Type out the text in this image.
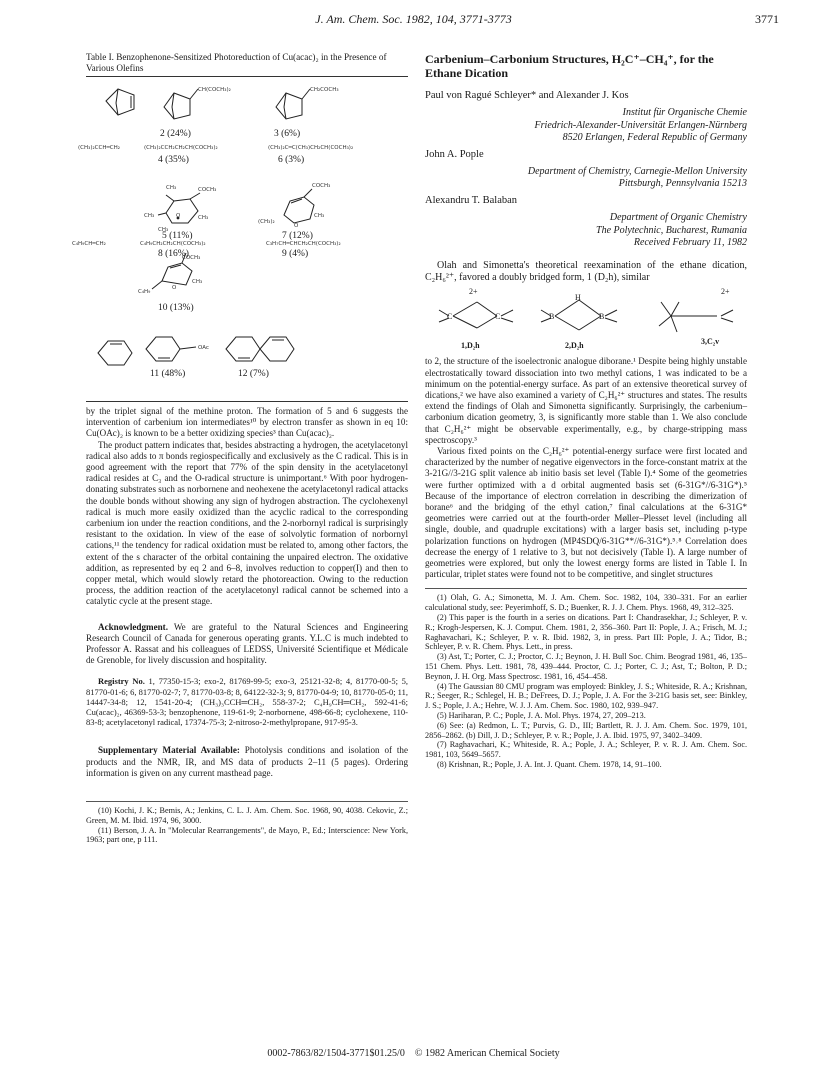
J. Am. Chem. Soc. 1982, 104, 3771-3773	3771
Table I. Benzophenone-Sensitized Photoreduction of Cu(acac)₂ in the Presence of Various Olefins
CH(COCH₃)₂	CH₂COCH₃
2 (24%)	3 (6%)
(CH₃)₂CCH═CH₂	(CH₃)₂CCH₂CH₂CH(COCH₃)₂	(CH₃)₂C═C(CH₃)CH₂CH(COCH₃)₂
4 (35%)	6 (3%)
CH₃	COCH₃
CH₃	O	CH₃
CH₃
COCH₃
(CH₃)₂
O
CH₃
5 (11%)	7 (12%)
C₄H₉CH═CH₂	C₄H₉CH₂CH₂CH(COCH₃)₂	C₃H₇CH═CHCH₂CH(COCH₃)₂
8 (16%)	9 (4%)
COCH₃
CH₃
O
C₄H₉
10 (13%)
OAc
11 (48%)	12 (7%)

by the triplet signal of the methine proton. The formation of 5 and 6 suggests the intervention of carbenium ion intermediates¹⁰ by electron transfer as shown in eq 10: Cu(OAc)₂ is known to be a better oxidizing species³ than Cu(acac)₂.

The product pattern indicates that, besides abstracting a hydrogen, the acetylacetonyl radical also adds to π bonds regiospecifically and exclusively as the C radical. This is in good agreement with the report that 77% of the spin density in the acetylacetonyl radical resides at C₃ and the O-radical structure is unimportant.⁶ With poor hydrogen-donating substrates such as norbornene and neohexene the acetylacetonyl radical attacks the double bonds without showing any sign of hydrogen abstraction. The cyclohexenyl radical is much more easily oxidized than the acyclic radical to the corresponding carbenium ion under the reaction conditions, and the 2-norbornyl radical is surprisingly resistant to the oxidation. In view of the ease of solvolytic formation of norbornyl cations,¹¹ the tendency for radical oxidation must be related to, among other factors, the extent of the s character of the orbital containing the unpaired electron. The oxidative addition, as represented by eq 2 and 6–8, involves reduction to copper(I) and then to copper metal, which would slowly retard the photoreaction. Owing to the reduction process, the addition reaction of the acetylacetonyl radical cannot be schemed into a catalytic cycle at the present stage.

Acknowledgment. We are grateful to the Natural Sciences and Engineering Research Council of Canada for generous operating grants. Y.L.C is much indebted to Professor A. Rassat and his colleagues of LEDSS, Université Scientifique et Médicale de Grenoble, for lively discussion and hospitality.

Registry No. 1, 77350-15-3; exo-2, 81769-99-5; exo-3, 25121-32-8; 4, 81770-00-5; 5, 81770-01-6; 6, 81770-02-7; 7, 81770-03-8; 8, 64122-32-3; 9, 81770-04-9; 10, 81770-05-0; 11, 14447-34-8; 12, 1541-20-4; (CH₃)₃CCH═CH₂, 558-37-2; C₄H₉CH═CH₂, 592-41-6; Cu(acac)₂, 46369-53-3; benzophenone, 119-61-9; 2-norbornene, 498-66-8; cyclohexene, 110-83-8; acetylacetonyl radical, 17374-75-3; 2-nitroso-2-methylpropane, 917-95-3.

Supplementary Material Available: Photolysis conditions and isolation of the products and the NMR, IR, and MS data of products 2–11 (5 pages). Ordering information is given on any current masthead page.

(10) Kochi, J. K.; Bemis, A.; Jenkins, C. L. J. Am. Chem. Soc. 1968, 90, 4038. Cekovic, Z.; Green, M. M. Ibid. 1974, 96, 3000.

(11) Berson, J. A. In "Molecular Rearrangements", de Mayo, P., Ed.; Interscience: New York, 1963; part one, p 111.

Carbenium–Carbonium Structures, H₂C⁺–CH₄⁺, for the Ethane Dication
Paul von Ragué Schleyer* and Alexander J. Kos
Institut für Organische Chemie
Friedrich-Alexander-Universität Erlangen-Nürnberg
8520 Erlangen, Federal Republic of Germany
John A. Pople
Department of Chemistry, Carnegie-Mellon University
Pittsburgh, Pennsylvania 15213
Alexandru T. Balaban
Department of Organic Chemistry
The Polytechnic, Bucharest, Rumania
Received February 11, 1982

Olah and Simonetta's theoretical reexamination of the ethane dication, C₂H₆²⁺, favored a doubly bridged form, 1 (D₂h), similar

2+
C	C	B	B
H
2+
1,D₂h	2,D₂h	3,C₂v

to 2, the structure of the isoelectronic analogue diborane.¹ Despite being highly unstable electrostatically toward dissociation into two methyl cations, 1 was indicated to be a minimum on the potential-energy surface. As part of an extensive theoretical survey of dications,² we have also examined a variety of C₂H₆²⁺ structures and states. The results extend the findings of Olah and Simonetta significantly. Surprisingly, the carbenium–carbonium dication geometry, 3, is significantly more stable than 1. We also conclude that C₂H₆²⁺ might be observable experimentally, e.g., by charge-stripping mass spectroscopy.³

Various fixed points on the C₂H₆²⁺ potential-energy surface were first located and characterized by the number of negative eigenvectors in the force-constant matrix at the 3-21G//3-21G split valence ab initio basis set level (Table I).⁴ Some of the geometries were further optimized with a d orbital augmented basis set (6-31G*//6-31G*).⁵ Because of the importance of electron correlation in describing the dimerization of borane⁶ and the bridging of the ethyl cation,⁷ final calculations at the 6-31G* geometries were carried out at the fourth-order Møller–Plesset level (including all single, double, and quadruple excitations) with a larger basis set, including p-type polarization functions on hydrogen (MP4SDQ/6-31G**//6-31G*).⁵˒⁸ Correlation does decrease the energy of 1 relative to 3, but not decisively (Table I). A large number of geometries were explored, but only the lowest energy forms are listed in Table I. In particular, triplet states were found not to be competitive, and singlet structures

(1) Olah, G. A.; Simonetta, M. J. Am. Chem. Soc. 1982, 104, 330–331. For an earlier calculational study, see: Peyerimhoff, S. D.; Buenker, R. J. J. Chem. Phys. 1968, 49, 312–325.

(2) This paper is the fourth in a series on dications. Part I: Chandrasekhar, J.; Schleyer, P. v. R.; Krogh-Jespersen, K. J. Comput. Chem. 1981, 2, 356–360. Part II: Pople, J. A.; Frisch, M. J.; Raghavachari, K.; Schleyer, P. v. R. Ibid. 1982, 3, in press. Part III: Pople, J. A.; Tidor, B.; Schleyer, P. v. R. Chem. Phys. Lett., in press.

(3) Ast, T.; Porter, C. J.; Proctor, C. J.; Beynon, J. H. Bull Soc. Chim. Beograd 1981, 46, 135–151 Chem. Phys. Lett. 1981, 78, 439–444. Proctor, C. J.; Porter, C. J.; Ast, T.; Bolton, P. D.; Beynon, J. H. Org. Mass Spectrosc. 1981, 16, 454–458.

(4) The Gaussian 80 CMU program was employed: Binkley, J. S.; Whiteside, R. A.; Krishnan, R.; Seeger, R.; Schlegel, H. B.; DeFrees, D. J.; Pople, J. A. For the 3-21G basis set, see: Binkley, J. S.; Pople, J. A.; Hehre, W. J. J. Am. Chem. Soc. 1980, 102, 939–947.

(5) Hariharan, P. C.; Pople, J. A. Mol. Phys. 1974, 27, 209–213.

(6) See: (a) Redmon, L. T.; Purvis, G. D., III; Bartlett, R. J. J. Am. Chem. Soc. 1979, 101, 2856–2862. (b) Dill, J. D.; Schleyer, P. v. R.; Pople, J. A. Ibid. 1975, 97, 3402–3409.

(7) Raghavachari, K.; Whiteside, R. A.; Pople, J. A.; Schleyer, P. v. R. J. Am. Chem. Soc. 1981, 103, 5649–5657.

(8) Krishnan, R.; Pople, J. A. Int. J. Quant. Chem. 1978, 14, 91–100.

0002-7863/82/1504-3771$01.25/0 © 1982 American Chemical Society
